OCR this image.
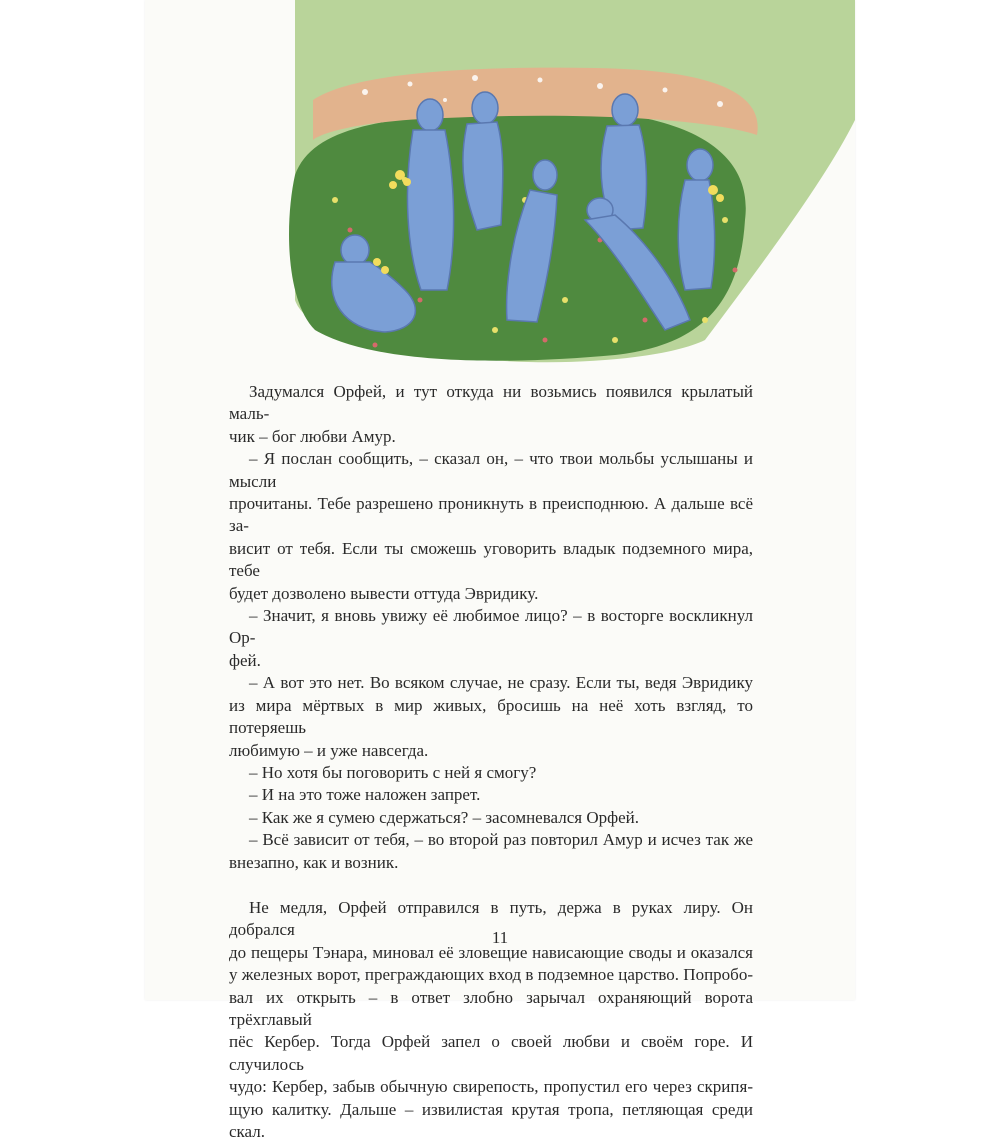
Задумался Орфей, и тут откуда ни возьмись появился крылатый маль-
чик – бог любви Амур.
– Я послан сообщить, – сказал он, – что твои мольбы услышаны и мысли
прочитаны. Тебе разрешено проникнуть в преисподнюю. А дальше всё за-
висит от тебя. Если ты сможешь уговорить владык подземного мира, тебе
будет дозволено вывести оттуда Эвридику.
– Значит, я вновь увижу её любимое лицо? – в восторге воскликнул Ор-
фей.
– А вот это нет. Во всяком случае, не сразу. Если ты, ведя Эвридику
из мира мёртвых в мир живых, бросишь на неё хоть взгляд, то потеряешь
любимую – и уже навсегда.
– Но хотя бы поговорить с ней я смогу?
– И на это тоже наложен запрет.
– Как же я сумею сдержаться? – засомневался Орфей.
– Всё зависит от тебя, – во второй раз повторил Амур и исчез так же
внезапно, как и возник.
Не медля, Орфей отправился в путь, держа в руках лиру. Он добрался
до пещеры Тэнара, миновал её зловещие нависающие своды и оказался
у железных ворот, преграждающих вход в подземное царство. Попробо-
вал их открыть – в ответ злобно зарычал охраняющий ворота трёхглавый
пёс Кербер. Тогда Орфей запел о своей любви и своём горе. И случилось
чудо: Кербер, забыв обычную свирепость, пропустил его через скрипя-
щую калитку. Дальше – извилистая крутая тропа, петляющая среди скал.
11
